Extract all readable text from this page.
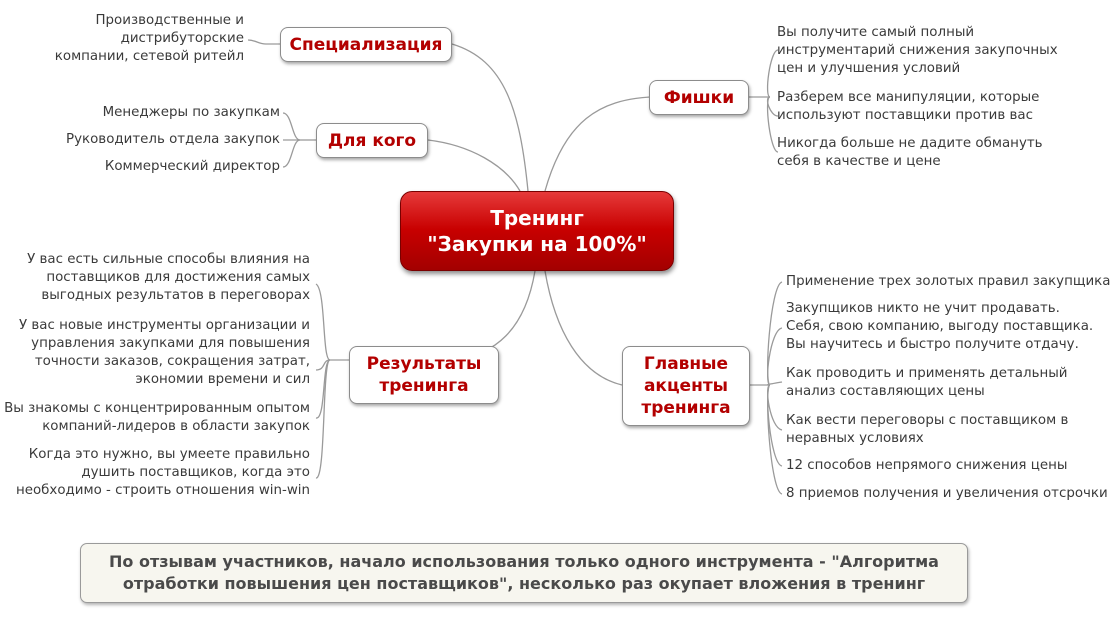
Тренинг
"Закупки на 100%"
Специализация
Для кого
Фишки
Результаты
тренинга
Главные
акценты
тренинга
Производственные и
дистрибуторские
компании, сетевой ритейл
Менеджеры по закупкам
Руководитель отдела закупок
Коммерческий директор
Вы получите самый полный
инструментарий снижения закупочных
цен и улучшения условий
Разберем все манипуляции, которые
используют поставщики против вас
Никогда больше не дадите обмануть
себя в качестве и цене
У вас есть сильные способы влияния на
поставщиков для достижения самых
выгодных результатов в переговорах
У вас новые инструменты организации и
управления закупками для повышения
точности заказов, сокращения затрат,
экономии времени и сил
Вы знакомы с концентрированным опытом
компаний-лидеров в области закупок
Когда это нужно, вы умеете правильно
душить поставщиков, когда это
необходимо - строить отношения win-win
Применение трех золотых правил закупщика
Закупщиков никто не учит продавать.
Себя, свою компанию, выгоду поставщика.
Вы научитесь и быстро получите отдачу.
Как проводить и применять детальный
анализ составляющих цены
Как вести переговоры с поставщиком в
неравных условиях
12 способов непрямого снижения цены
8 приемов получения и увеличения отсрочки
По отзывам участников, начало использования только одного инструмента - "Алгоритма
отработки повышения цен поставщиков", несколько раз окупает вложения в тренинг
